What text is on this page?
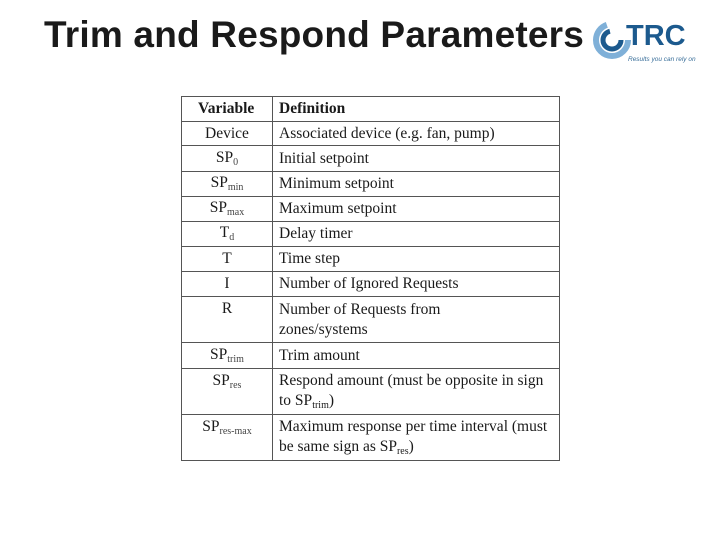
Trim and Respond Parameters TRC
Results you can rely on
Variable	Definition
Device	Associated device (e.g. fan, pump)
SP0	Initial setpoint
SPmin	Minimum setpoint
SPmax	Maximum setpoint
Td	Delay timer
T	Time step
I	Number of Ignored Requests
R	Number of Requests from zones/systems
SPtrim	Trim amount
SPres	Respond amount (must be opposite in sign to SPtrim)
SPres-max	Maximum response per time interval (must be same sign as SPres)
